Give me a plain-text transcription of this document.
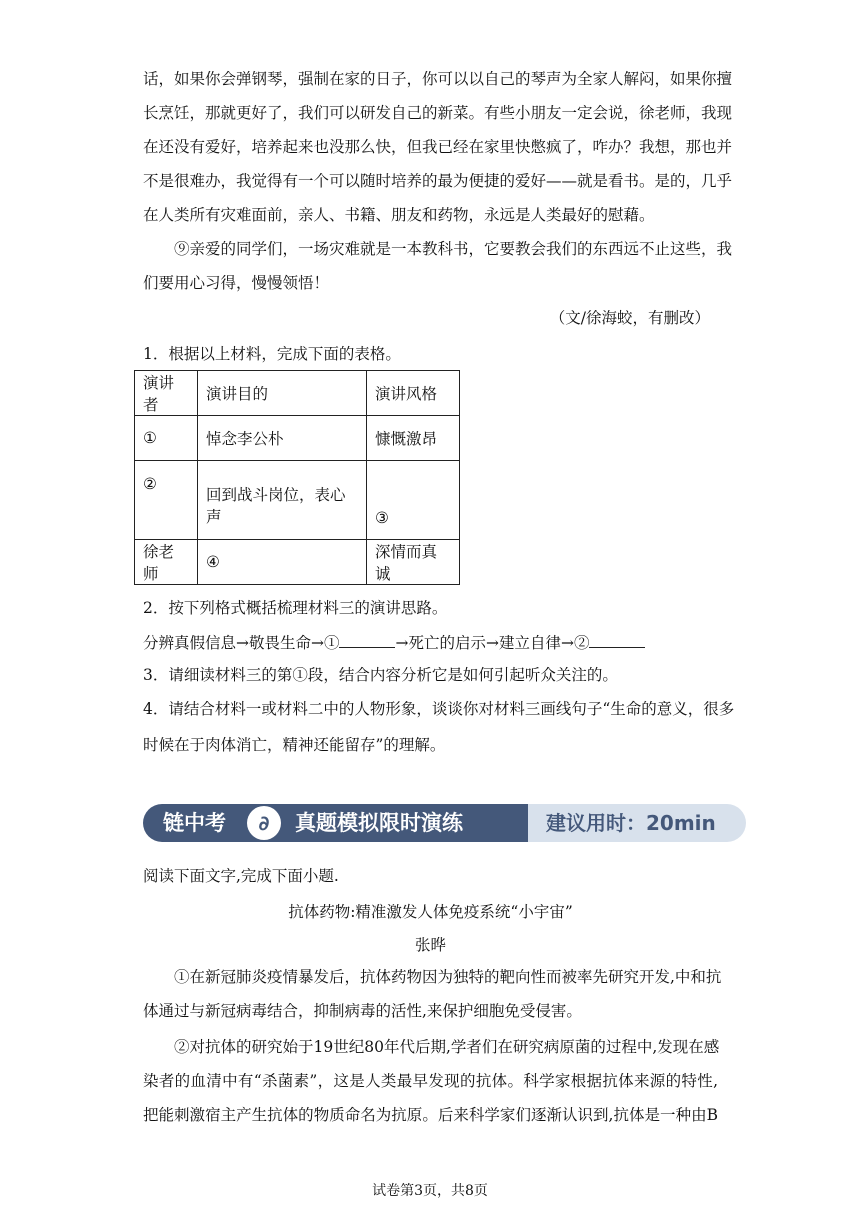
话，如果你会弹钢琴，强制在家的日子，你可以以自己的琴声为全家人解闷，如果你擅
长烹饪，那就更好了，我们可以研发自己的新菜。有些小朋友一定会说，徐老师，我现
在还没有爱好，培养起来也没那么快，但我已经在家里快憋疯了，咋办？我想，那也并
不是很难办，我觉得有一个可以随时培养的最为便捷的爱好——就是看书。是的，几乎
在人类所有灾难面前，亲人、书籍、朋友和药物，永远是人类最好的慰藉。
⑨亲爱的同学们，一场灾难就是一本教科书，它要教会我们的东西远不止这些，我
们要用心习得，慢慢领悟！
（文/徐海蛟，有删改）
1．根据以上材料，完成下面的表格。
演讲者	演讲目的	演讲风格
①	悼念李公朴	慷慨激昂
②	回到战斗岗位，表心声	③
徐老师	④	深情而真诚
2．按下列格式概括梳理材料三的演讲思路。
分辨真假信息→敬畏生命→①	→死亡的启示→建立自律→②
3．请细读材料三的第①段，结合内容分析它是如何引起听众关注的。
4．请结合材料一或材料二中的人物形象，谈谈你对材料三画线句子“生命的意义，很多
时候在于肉体消亡，精神还能留存”的理解。
链中考	∂	真题模拟限时演练	建议用时：20min
阅读下面文字,完成下面小题.
抗体药物:精准激发人体免疫系统“小宇宙”
张晔
①在新冠肺炎疫情暴发后，抗体药物因为独特的靶向性而被率先研究开发,中和抗
体通过与新冠病毒结合，抑制病毒的活性,来保护细胞免受侵害。
②对抗体的研究始于19世纪80年代后期,学者们在研究病原菌的过程中,发现在感
染者的血清中有“杀菌素”，这是人类最早发现的抗体。科学家根据抗体来源的特性,
把能刺激宿主产生抗体的物质命名为抗原。后来科学家们逐渐认识到,抗体是一种由B
试卷第3页，共8页
